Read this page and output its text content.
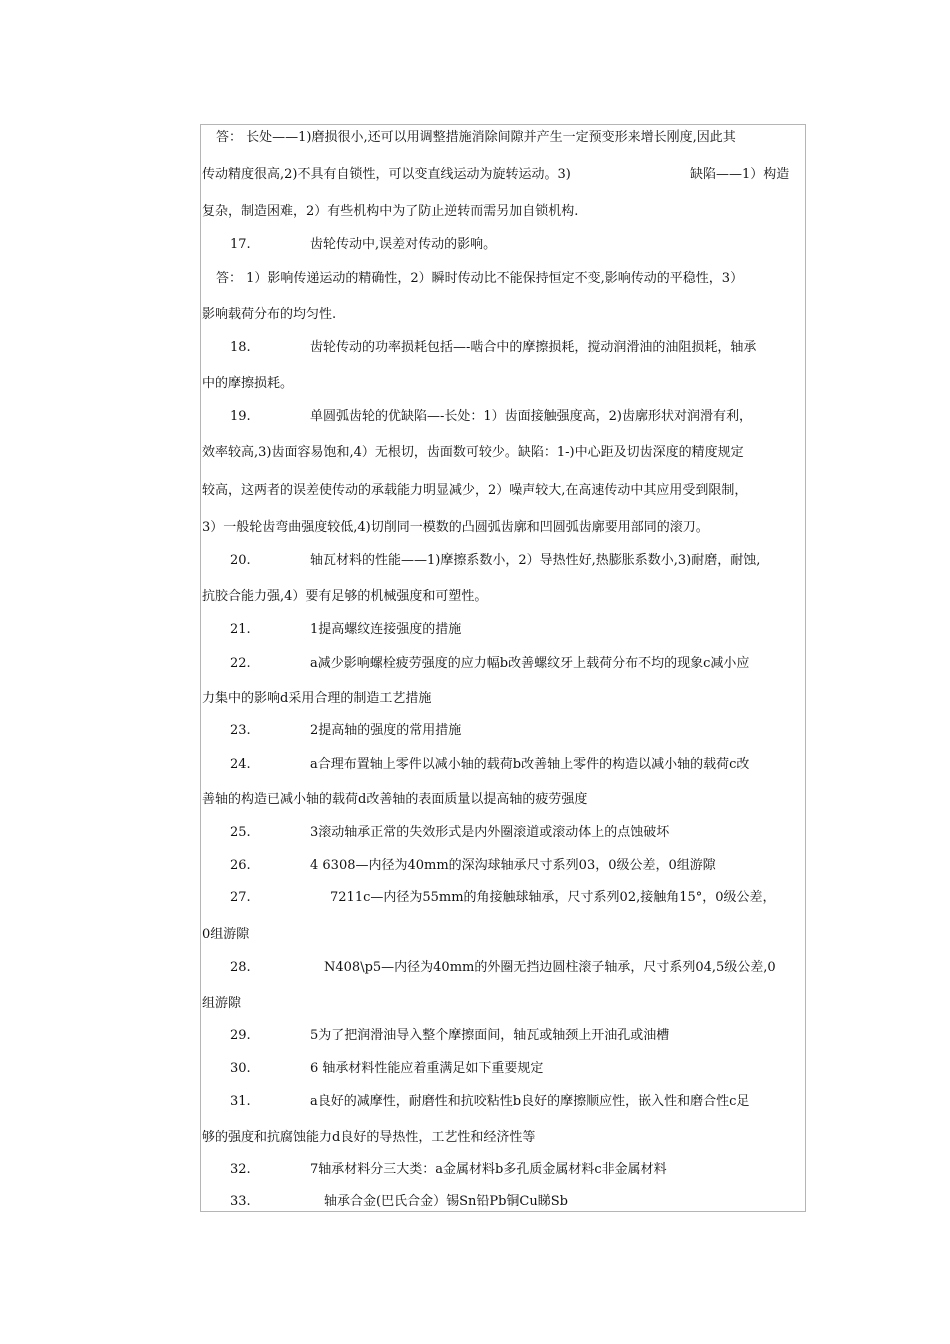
答： 长处——1)磨损很小,还可以用调整措施消除间隙并产生一定预变形来增长刚度,因此其
传动精度很高,2)不具有自锁性，可以变直线运动为旋转运动。3)	缺陷——1）构造
复杂，制造困难，2）有些机构中为了防止逆转而需另加自锁机构.
17.	齿轮传动中,误差对传动的影响。
答： 1）影响传递运动的精确性，2）瞬时传动比不能保持恒定不变,影响传动的平稳性，3）
影响载荷分布的均匀性.
18.	齿轮传动的功率损耗包括—-啮合中的摩擦损耗，搅动润滑油的油阻损耗，轴承
中的摩擦损耗。
19.	单圆弧齿轮的优缺陷—-长处：1）齿面接触强度高，2)齿廓形状对润滑有利，
效率较高,3)齿面容易饱和,4）无根切，齿面数可较少。缺陷：1-)中心距及切齿深度的精度规定
较高，这两者的误差使传动的承载能力明显减少，2）噪声较大,在高速传动中其应用受到限制，
3）一般轮齿弯曲强度较低,4)切削同一模数的凸圆弧齿廓和凹圆弧齿廓要用部同的滚刀。
20.	轴瓦材料的性能——1)摩擦系数小，2）导热性好,热膨胀系数小,3)耐磨，耐蚀,
抗胶合能力强,4）要有足够的机械强度和可塑性。
21.	1提高螺纹连接强度的措施
22.	a减少影响螺栓疲劳强度的应力幅b改善螺纹牙上载荷分布不均的现象c减小应
力集中的影响d采用合理的制造工艺措施
23.	2提高轴的强度的常用措施
24.	a合理布置轴上零件以减小轴的载荷b改善轴上零件的构造以减小轴的载荷c改
善轴的构造已减小轴的载荷d改善轴的表面质量以提高轴的疲劳强度
25.	3滚动轴承正常的失效形式是内外圈滚道或滚动体上的点蚀破坏
26.	4 6308—内径为40mm的深沟球轴承尺寸系列03，0级公差，0组游隙
27.	7211c—内径为55mm的角接触球轴承，尺寸系列02,接触角15°，0级公差，
0组游隙
28.	N408\p5—内径为40mm的外圈无挡边圆柱滚子轴承，尺寸系列04,5级公差,0
组游隙
29.	5为了把润滑油导入整个摩擦面间，轴瓦或轴颈上开油孔或油槽
30.	6 轴承材料性能应着重满足如下重要规定
31.	a良好的减摩性，耐磨性和抗咬粘性b良好的摩擦顺应性，嵌入性和磨合性c足
够的强度和抗腐蚀能力d良好的导热性，工艺性和经济性等
32.	7轴承材料分三大类：a金属材料b多孔质金属材料c非金属材料
33.	轴承合金(巴氏合金）锡Sn铅Pb铜Cu睇Sb
